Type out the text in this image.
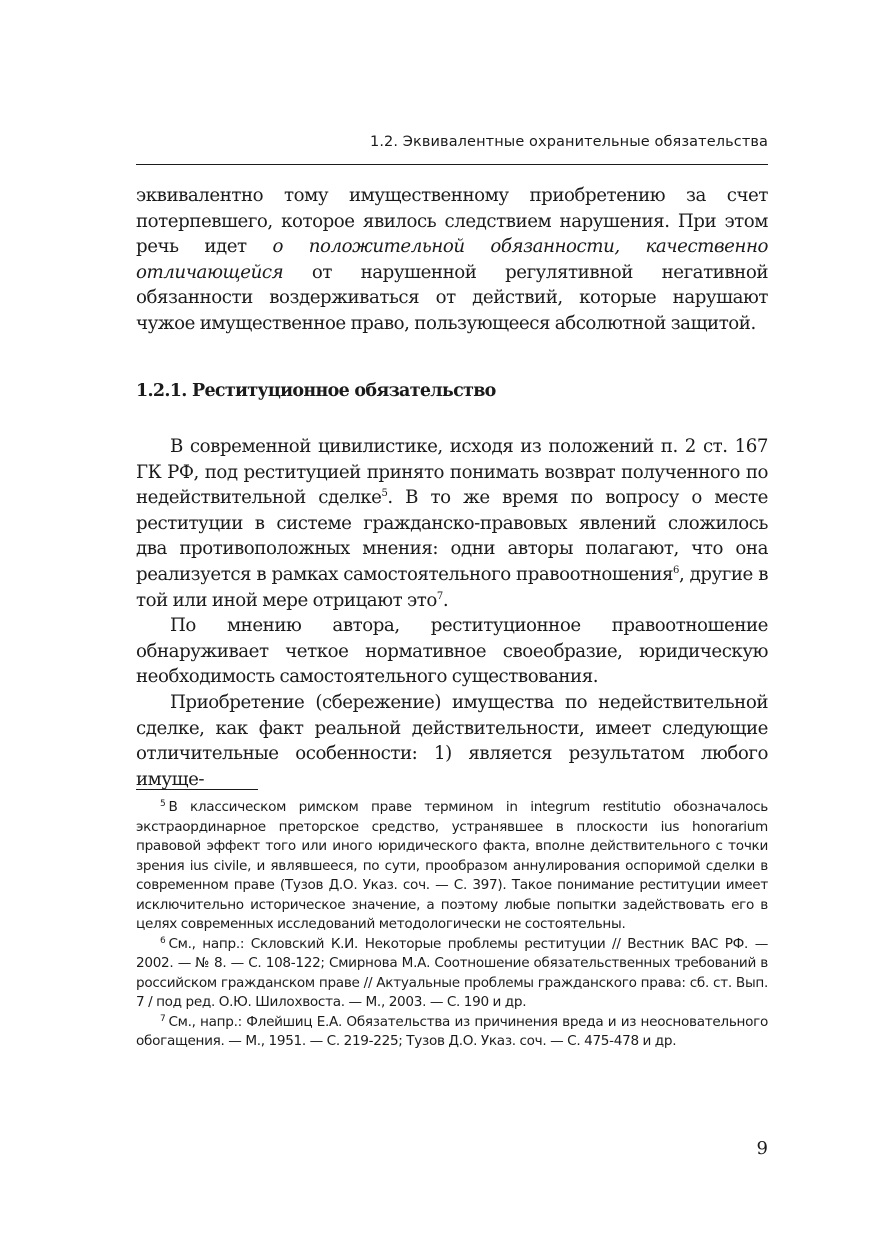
1.2. Эквивалентные охранительные обязательства

эквивалентно тому имущественному приобретению за счет потерпевшего, которое явилось следствием нарушения. При этом речь идет о положительной обязанности, качественно отличающейся от нарушенной регулятивной негативной обязанности воздерживаться от действий, которые нарушают чужое имущественное право, пользующееся абсолютной защитой.

1.2.1. Реституционное обязательство

В современной цивилистике, исходя из положений п. 2 ст. 167 ГК РФ, под реституцией принято понимать возврат полученного по недействительной сделке$^5$. В то же время по вопросу о месте реституции в системе гражданско-правовых явлений сложилось два противоположных мнения: одни авторы полагают, что она реализуется в рамках самостоятельного правоотношения$^6$, другие в той или иной мере отрицают это$^7$.

По мнению автора, реституционное правоотношение обнаруживает четкое нормативное своеобразие, юридическую необходимость самостоятельного существования.

Приобретение (сбережение) имущества по недействительной сделке, как факт реальной действительности, имеет следующие отличительные особенности: 1) является результатом любого имуще-

$^5$ В классическом римском праве термином in integrum restitutio обозначалось экстраординарное преторское средство, устранявшее в плоскости ius honorarium правовой эффект того или иного юридического факта, вполне действительного с точки зрения ius civile, и являвшееся, по сути, прообразом аннулирования оспоримой сделки в современном праве (Тузов Д.О. Указ. соч. — С. 397). Такое понимание реституции имеет исключительно историческое значение, а поэтому любые попытки задействовать его в целях современных исследований методологически не состоятельны.

$^6$ См., напр.: Скловский К.И. Некоторые проблемы реституции // Вестник ВАС РФ. — 2002. — № 8. — С. 108-122; Смирнова М.А. Соотношение обязательственных требований в российском гражданском праве // Актуальные проблемы гражданского права: сб. ст. Вып. 7 / под ред. О.Ю. Шилохвоста. — М., 2003. — С. 190 и др.

$^7$ См., напр.: Флейшиц Е.А. Обязательства из причинения вреда и из неосновательного обогащения. — М., 1951. — С. 219-225; Тузов Д.О. Указ. соч. — С. 475-478 и др.

9
